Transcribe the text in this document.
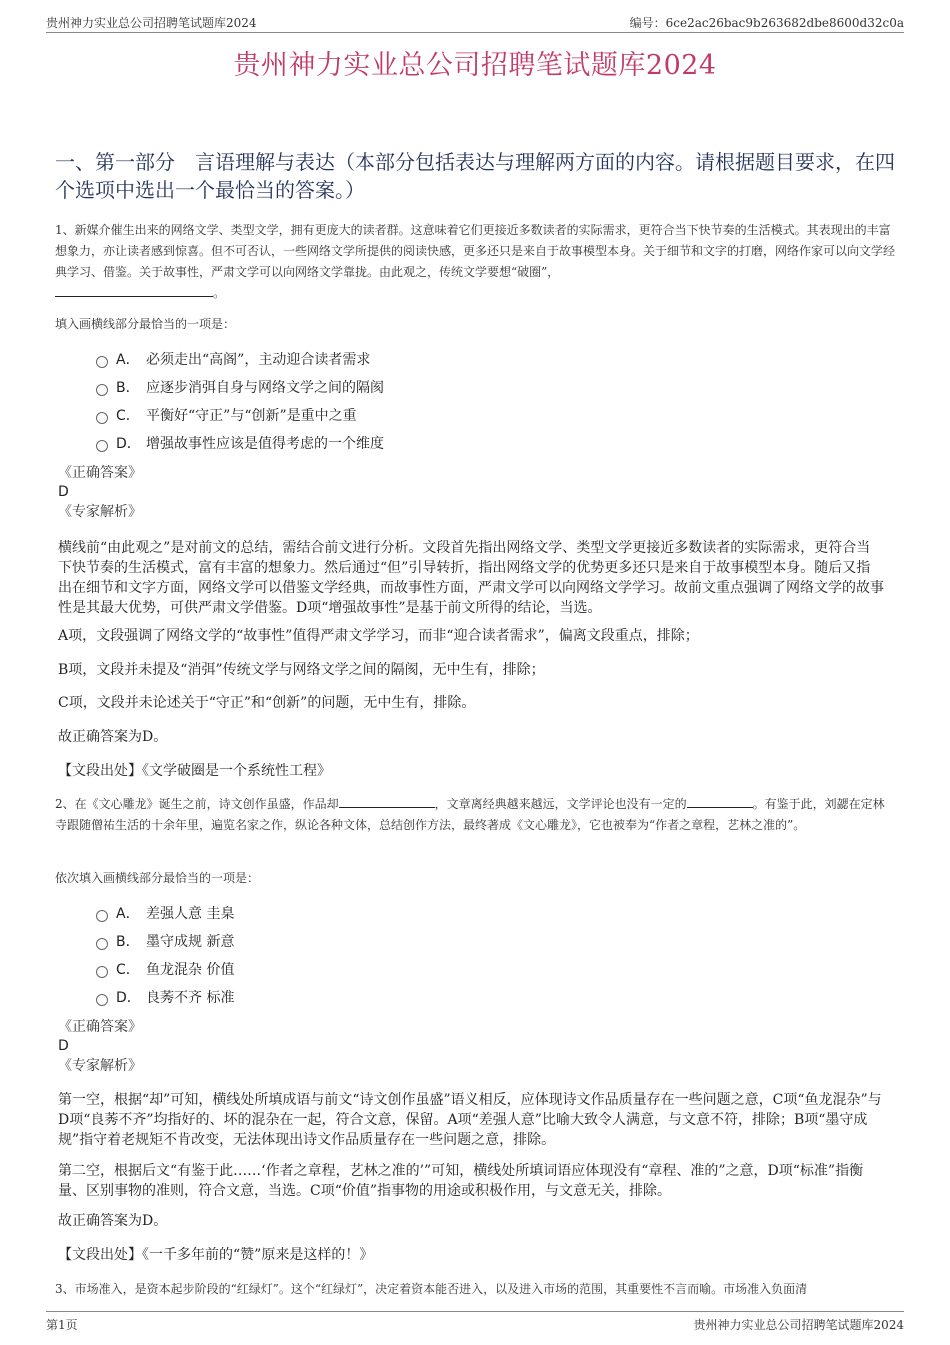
贵州神力实业总公司招聘笔试题库2024	编号：6ce2ac26bac9b263682dbe8600d32c0a
贵州神力实业总公司招聘笔试题库2024
一、第一部分　言语理解与表达（本部分包括表达与理解两方面的内容。请根据题目要求，在四个选项中选出一个最恰当的答案。）
1、新媒介催生出来的网络文学、类型文学，拥有更庞大的读者群。这意味着它们更接近多数读者的实际需求，更符合当下快节奏的生活模式。其表现出的丰富想象力，亦让读者感到惊喜。但不可否认，一些网络文学所提供的阅读快感，更多还只是来自于故事模型本身。关于细节和文字的打磨，网络作家可以向文学经典学习、借鉴。关于故事性，严肃文学可以向网络文学靠拢。由此观之，传统文学要想“破圈”，
。
填入画横线部分最恰当的一项是：
A． 必须走出“高阁”，主动迎合读者需求
B． 应逐步消弭自身与网络文学之间的隔阂
C． 平衡好“守正”与“创新”是重中之重
D． 增强故事性应该是值得考虑的一个维度
《正确答案》
D
《专家解析》
横线前“由此观之”是对前文的总结，需结合前文进行分析。文段首先指出网络文学、类型文学更接近多数读者的实际需求，更符合当下快节奏的生活模式，富有丰富的想象力。然后通过“但”引导转折，指出网络文学的优势更多还只是来自于故事模型本身。随后又指出在细节和文字方面，网络文学可以借鉴文学经典，而故事性方面，严肃文学可以向网络文学学习。故前文重点强调了网络文学的故事性是其最大优势，可供严肃文学借鉴。D项“增强故事性”是基于前文所得的结论，当选。
A项，文段强调了网络文学的“故事性”值得严肃文学学习，而非“迎合读者需求”，偏离文段重点，排除；
B项，文段并未提及“消弭”传统文学与网络文学之间的隔阂，无中生有，排除；
C项，文段并未论述关于“守正”和“创新”的问题，无中生有，排除。
故正确答案为D。
【文段出处】《文学破圈是一个系统性工程》
2、在《文心雕龙》诞生之前，诗文创作虽盛，作品却	，文章离经典越来越远，文学评论也没有一定的	。有鉴于此，刘勰在定林寺跟随僧祐生活的十余年里，遍览名家之作，纵论各种文体，总结创作方法，最终著成《文心雕龙》，它也被奉为“作者之章程，艺林之准的”。
依次填入画横线部分最恰当的一项是：
A． 差强人意 圭臬
B． 墨守成规 新意
C． 鱼龙混杂 价值
D． 良莠不齐 标准
《正确答案》
D
《专家解析》
第一空，根据“却”可知，横线处所填成语与前文“诗文创作虽盛”语义相反，应体现诗文作品质量存在一些问题之意，C项“鱼龙混杂”与D项“良莠不齐”均指好的、坏的混杂在一起，符合文意，保留。A项“差强人意”比喻大致令人满意，与文意不符，排除；B项“墨守成规”指守着老规矩不肯改变，无法体现出诗文作品质量存在一些问题之意，排除。
第二空，根据后文“有鉴于此……‘作者之章程，艺林之准的’”可知，横线处所填词语应体现没有“章程、准的”之意，D项“标准”指衡量、区别事物的准则，符合文意，当选。C项“价值”指事物的用途或积极作用，与文意无关，排除。
故正确答案为D。
【文段出处】《一千多年前的“赞”原来是这样的！》
3、市场准入，是资本起步阶段的“红绿灯”。这个“红绿灯”，决定着资本能否进入，以及进入市场的范围，其重要性不言而喻。市场准入负面清
第1页	贵州神力实业总公司招聘笔试题库2024
